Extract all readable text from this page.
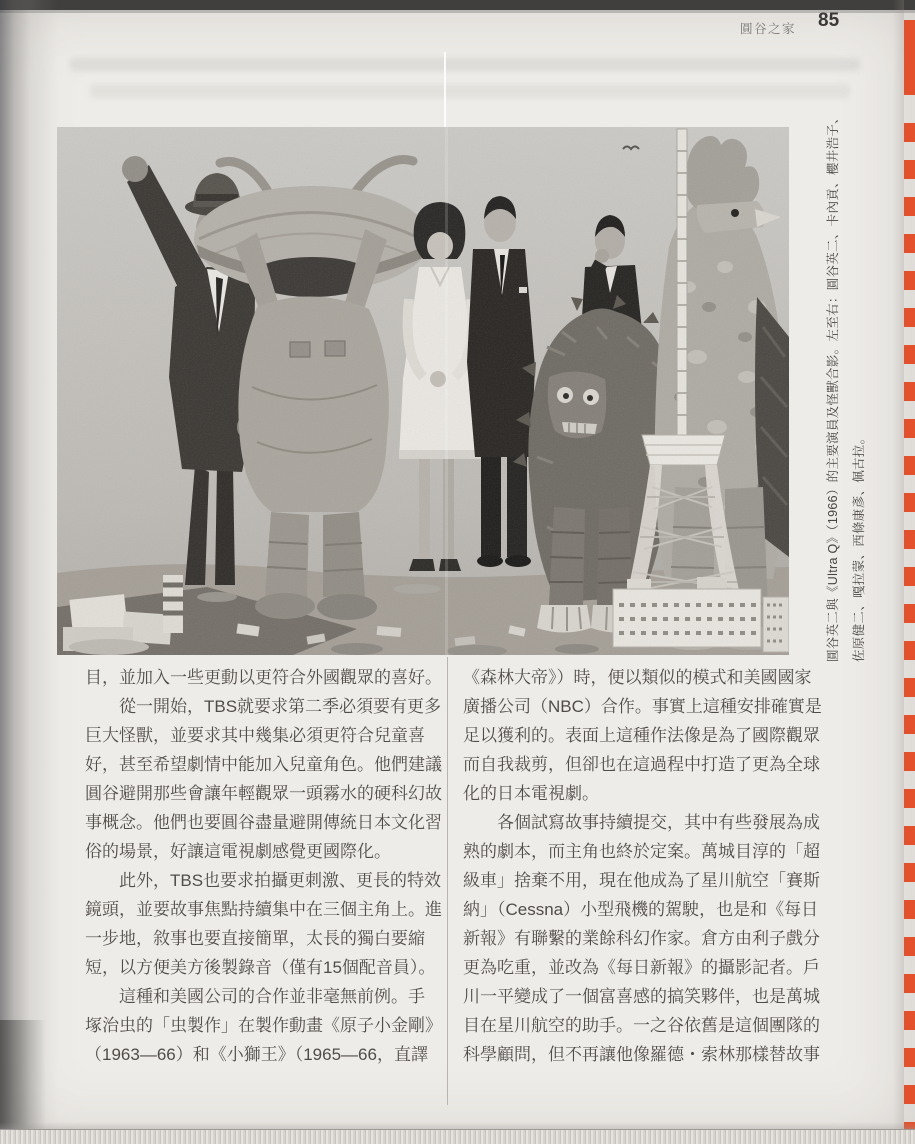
圓谷之家 85
圓谷英二與《Ultra Q》（1966）的主要演員及怪獸合影。左至右：圓谷英二、卡內貢、櫻井浩子、 佐原健二、嘎拉蒙、西條康彥、佩古拉。
目，並加入一些更動以更符合外國觀眾的喜好。
　　從一開始，TBS就要求第二季必須要有更多
巨大怪獸，並要求其中幾集必須更符合兒童喜
好，甚至希望劇情中能加入兒童角色。他們建議
圓谷避開那些會讓年輕觀眾一頭霧水的硬科幻故
事概念。他們也要圓谷盡量避開傳統日本文化習
俗的場景，好讓這電視劇感覺更國際化。
　　此外，TBS也要求拍攝更刺激、更長的特效
鏡頭，並要故事焦點持續集中在三個主角上。進
一步地，敘事也要直接簡單，太長的獨白要縮
短，以方便美方後製錄音（僅有15個配音員）。
　　這種和美國公司的合作並非毫無前例。手
塚治虫的「虫製作」在製作動畫《原子小金剛》
（1963—66）和《小獅王》（1965—66，直譯
《森林大帝》）時，便以類似的模式和美國國家
廣播公司（NBC）合作。事實上這種安排確實是
足以獲利的。表面上這種作法像是為了國際觀眾
而自我裁剪，但卻也在這過程中打造了更為全球
化的日本電視劇。
　　各個試寫故事持續提交，其中有些發展為成
熟的劇本，而主角也終於定案。萬城目淳的「超
級車」捨棄不用，現在他成為了星川航空「賽斯
納」（Cessna）小型飛機的駕駛，也是和《每日
新報》有聯繫的業餘科幻作家。倉方由利子戲分
更為吃重，並改為《每日新報》的攝影記者。戶
川一平變成了一個富喜感的搞笑夥伴，也是萬城
目在星川航空的助手。一之谷依舊是這個團隊的
科學顧問，但不再讓他像羅德・索林那樣替故事
